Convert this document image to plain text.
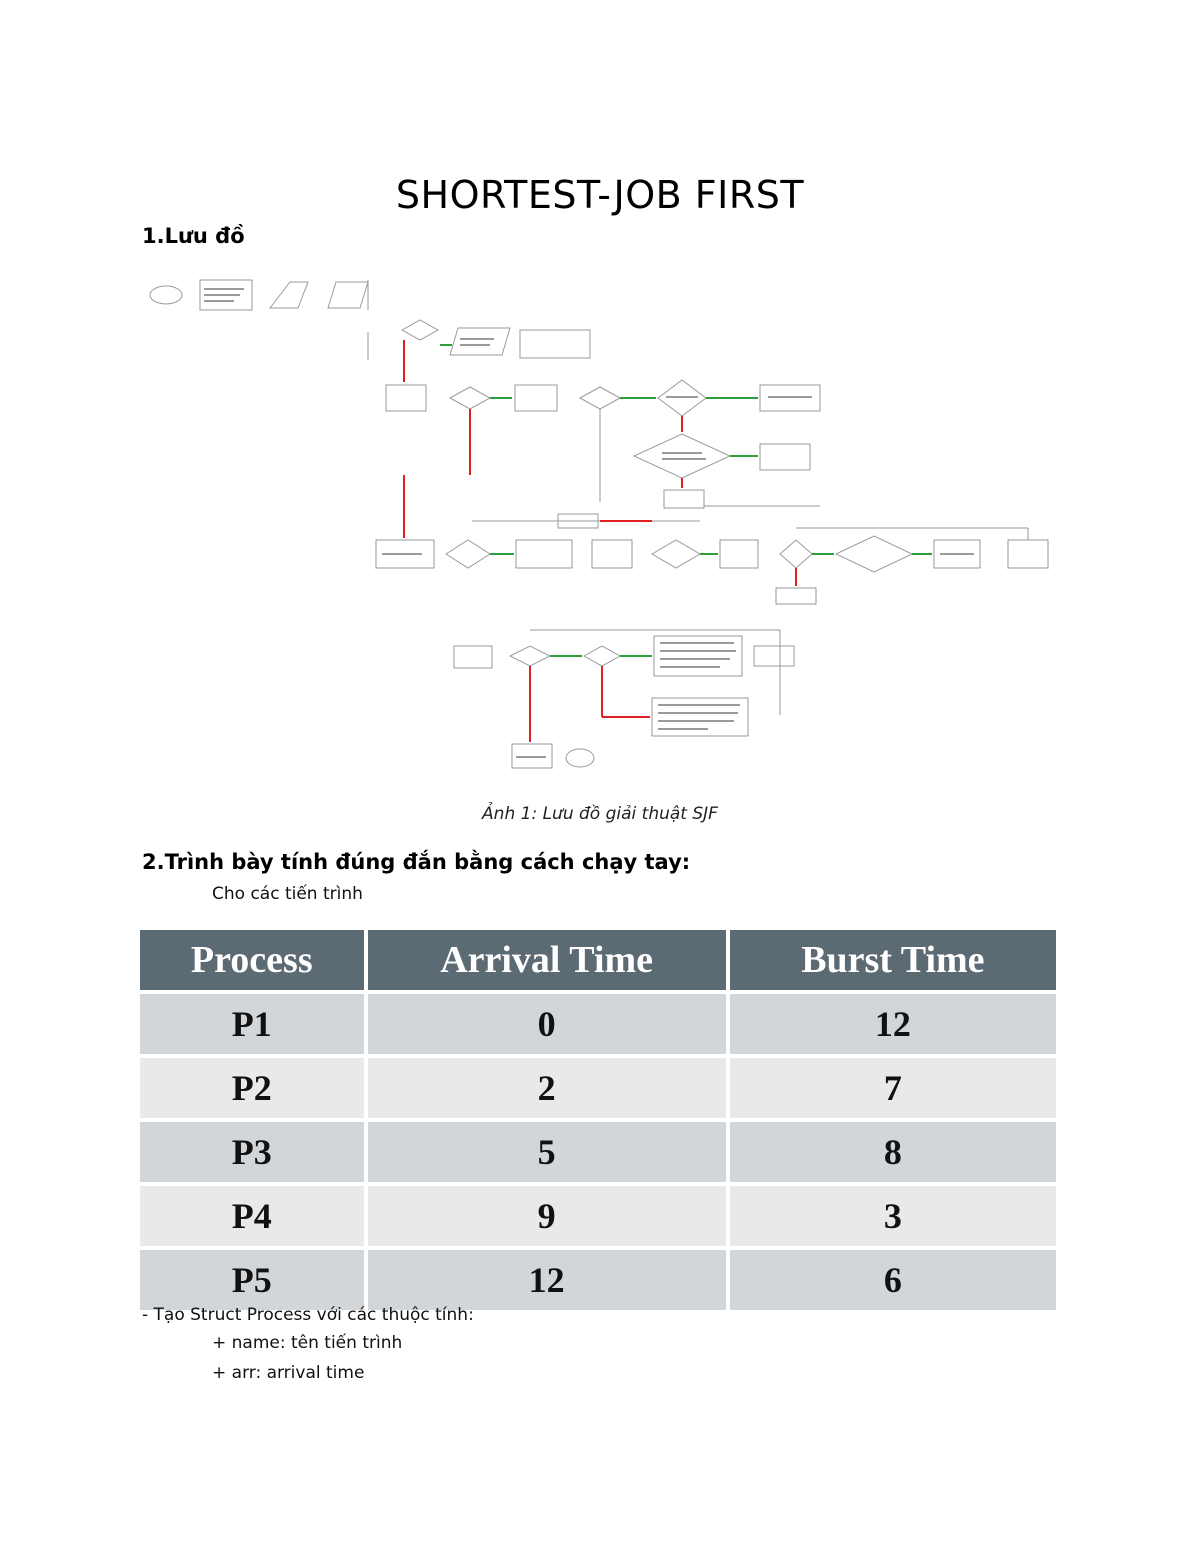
SHORTEST-JOB FIRST
1.Lưu đồ
Ảnh 1: Lưu đồ giải thuật SJF
2.Trình bày tính đúng đắn bằng cách chạy tay:
Cho các tiến trình
Process	Arrival Time	Burst Time
P1	0	12
P2	2	7
P3	5	8
P4	9	3
P5	12	6
- Tạo Struct Process với các thuộc tính:
+ name: tên tiến trình
+ arr: arrival time
